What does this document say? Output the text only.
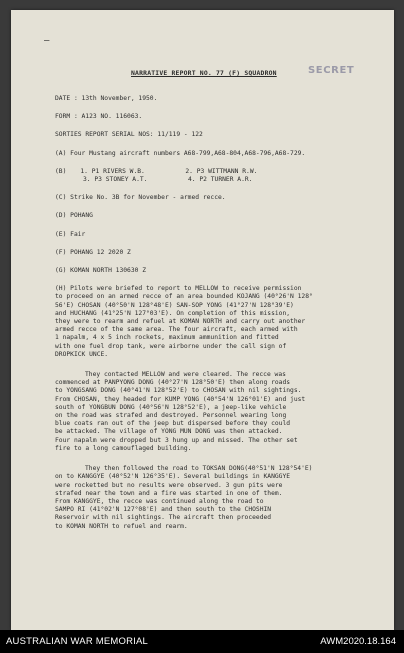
—
NARRATIVE REPORT NO. 77 (F) SQUADRON	SECRET
DATE : 13th November, 1950.
FORM : A123 NO. 116063.
SORTIES REPORT SERIAL NOS: 11/119 - 122
(A) Four Mustang aircraft numbers A68-799,A68-804,A68-796,A68-729.
(B) 1. P1 RIVERS W.B.	2. P3 WITTMANN R.W.
3. P3 STONEY A.T.	4. P2 TURNER A.R.
(C) Strike No. 3B for November - armed recce.
(D) POHANG
(E) Fair
(F) POHANG 12 2020 Z
(G) KOMAN NORTH 130630 Z
(H) Pilots were briefed to report to MELLOW to receive permission
to proceed on an armed recce of an area bounded KOJANG (40°26'N 128°
56'E) CHOSAN (40°50'N 128°48'E) SAN-SOP YONG (41°27'N 128°39'E)
and HUCHANG (41°25'N 127°03'E). On completion of this mission,
they were to rearm and refuel at KOMAN NORTH and carry out another
armed recce of the same area. The four aircraft, each armed with
1 napalm, 4 x 5 inch rockets, maximum ammunition and fitted
with one fuel drop tank, were airborne under the call sign of
DROPKICK UNCE.
They contacted MELLOW and were cleared. The recce was
commenced at PANPYONG DONG (40°27'N 128°50'E) then along roads
to YONGSANG DONG (40°41'N 128°52'E) to CHOSAN with nil sightings.
From CHOSAN, they headed for KUMP YONG (40°54'N 126°01'E) and just
south of YONGBUN DONG (40°56'N 128°52'E), a jeep-like vehicle
on the road was strafed and destroyed. Personnel wearing long
blue coats ran out of the jeep but dispersed before they could
be attacked. The village of YONG MUN DONG was then attacked.
Four napalm were dropped but 3 hung up and missed. The other set
fire to a long camouflaged building.
They then followed the road to TOKSAN DONG(40°51'N 128°54'E)
on to KANGGYE (40°52'N 126°35'E). Several buildings in KANGGYE
were rocketted but no results were observed. 3 gun pits were
strafed near the town and a fire was started in one of them.
From KANGGYE, the recce was continued along the road to
SAMPO RI (41°02'N 127°08'E) and then south to the CHOSHIN
Reservoir with nil sightings. The aircraft then proceeded
to KOMAN NORTH to refuel and rearm.
AUSTRALIAN WAR MEMORIAL	AWM2020.18.164
